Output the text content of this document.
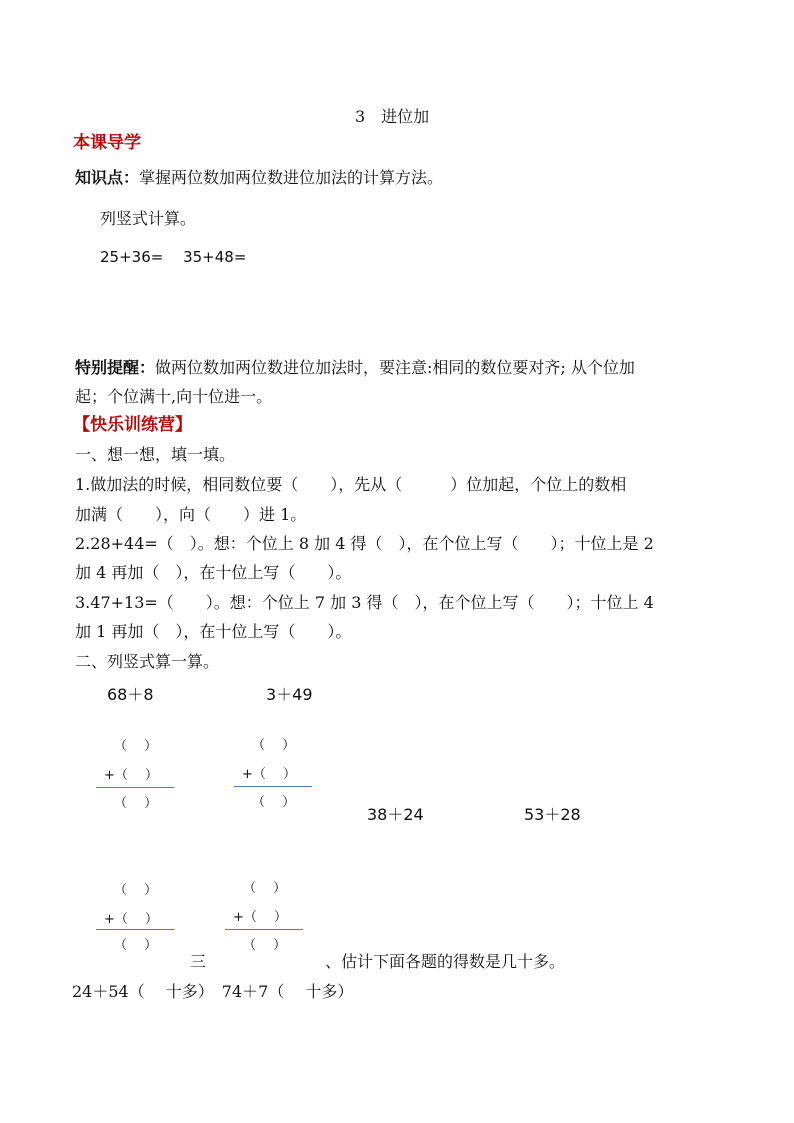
3　进位加
本课导学
知识点：掌握两位数加两位数进位加法的计算方法。
列竖式计算。
25+36=　 35+48=
特别提醒：做两位数加两位数进位加法时，要注意:相同的数位要对齐; 从个位加
起；个位满十,向十位进一。
【快乐训练营】
一、想一想，填一填。
1.做加法的时候，相同数位要（　　），先从（　　　）位加起，个位上的数相
加满（　　），向（　　）进 1。
2.28+44=（　）。想：个位上 8 加 4 得（　），在个位上写（　　）；十位上是 2
加 4 再加（　），在十位上写（　　）。
3.47+13=（　　）。想：个位上 7 加 3 得（　），在个位上写（　　）；十位上 4
加 1 再加（　），在十位上写（　　）。
二、列竖式算一算。
68＋8	3＋49
38＋24	53＋28
（　 ）
+（　 ）
（　 ）
（　 ）
+（　 ）
（　 ）
（　 ）
+（　 ）
（　 ）
（　 ）
+（　 ）
（　 ）
三	、估计下面各题的得数是几十多。
24＋54（　 十多）　74＋7（　 十多）
